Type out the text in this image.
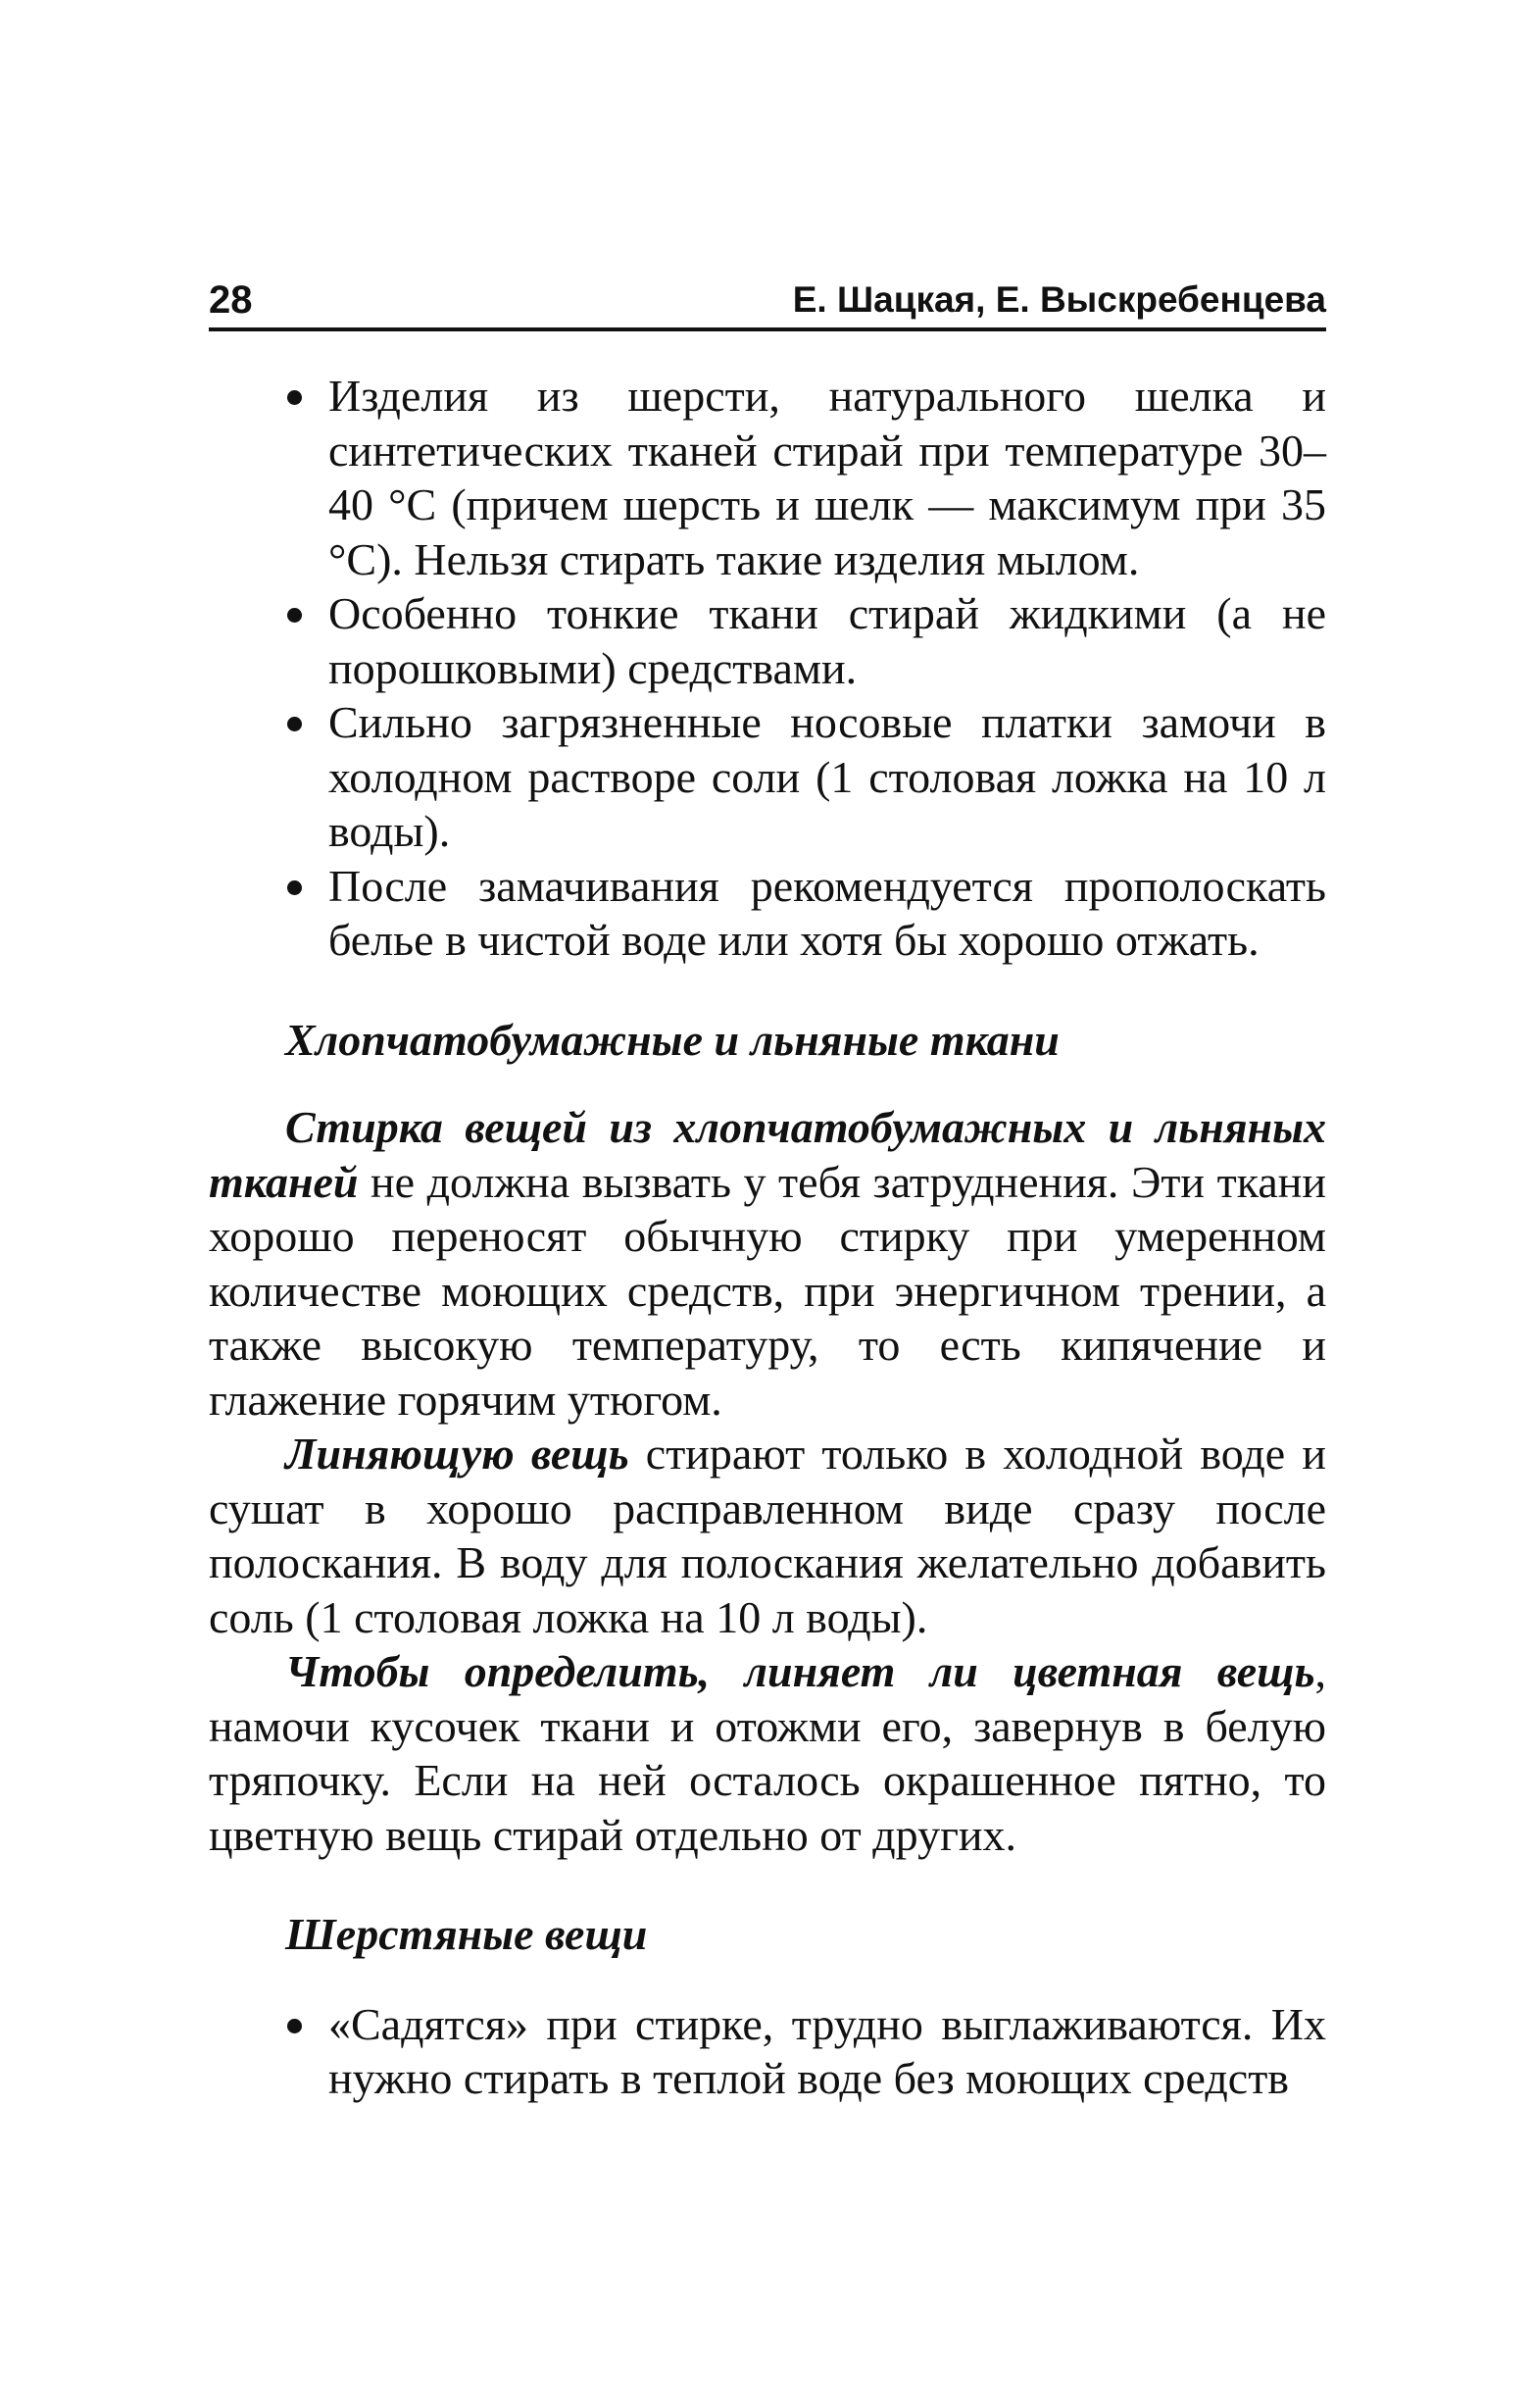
28	Е. Шацкая, Е. Выскребенцева
Изделия из шерсти, натурального шелка и синтетических тканей стирай при температуре 30–40 °C (причем шерсть и шелк — максимум при 35 °C). Нельзя стирать такие изделия мылом.
Особенно тонкие ткани стирай жидкими (а не порошковыми) средствами.
Сильно загрязненные носовые платки замочи в холодном растворе соли (1 столовая ложка на 10 л воды).
После замачивания рекомендуется прополоскать белье в чистой воде или хотя бы хорошо отжать.

Хлопчатобумажные и льняные ткани

Стирка вещей из хлопчатобумажных и льняных тканей не должна вызвать у тебя затруднения. Эти ткани хорошо переносят обычную стирку при умеренном количестве моющих средств, при энергичном трении, а также высокую температуру, то есть кипячение и глажение горячим утюгом.

Линяющую вещь стирают только в холодной воде и сушат в хорошо расправленном виде сразу после полоскания. В воду для полоскания желательно добавить соль (1 столовая ложка на 10 л воды).

Чтобы определить, линяет ли цветная вещь, намочи кусочек ткани и отожми его, завернув в белую тряпочку. Если на ней осталось окрашенное пятно, то цветную вещь стирай отдельно от других.

Шерстяные вещи

«Садятся» при стирке, трудно выглаживаются. Их нужно стирать в теплой воде без моющих средств
